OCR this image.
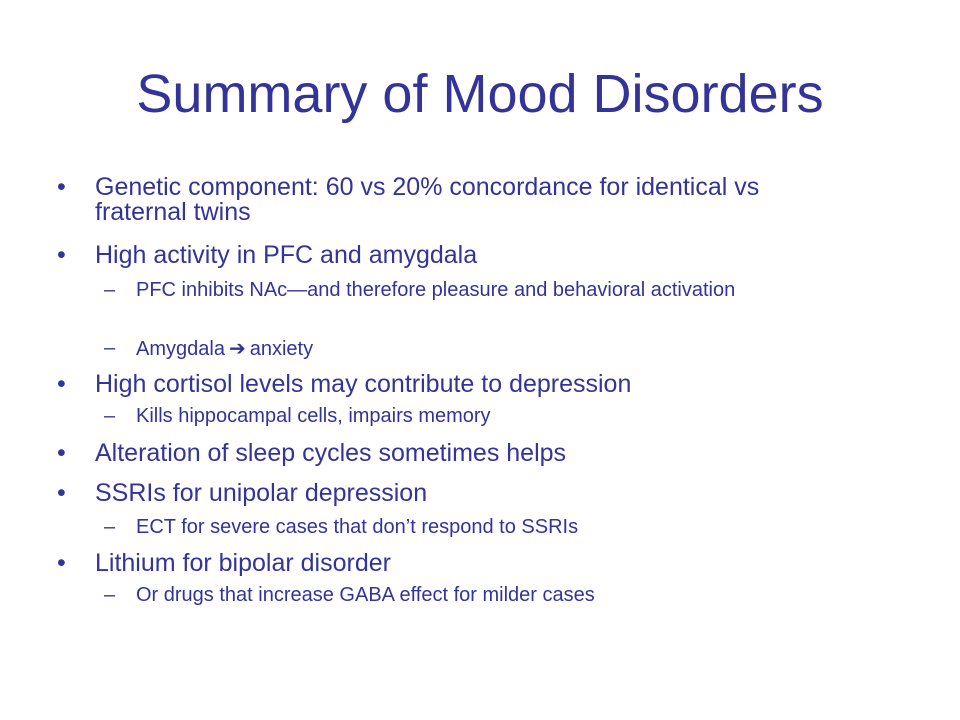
Summary of Mood Disorders
• Genetic component: 60 vs 20% concordance for identical vs fraternal twins
• High activity in PFC and amygdala
– PFC inhibits NAc—and therefore pleasure and behavioral activation
– Amygdala ➔ anxiety
• High cortisol levels may contribute to depression
– Kills hippocampal cells, impairs memory
• Alteration of sleep cycles sometimes helps
• SSRIs for unipolar depression
– ECT for severe cases that don’t respond to SSRIs
• Lithium for bipolar disorder
– Or drugs that increase GABA effect for milder cases
